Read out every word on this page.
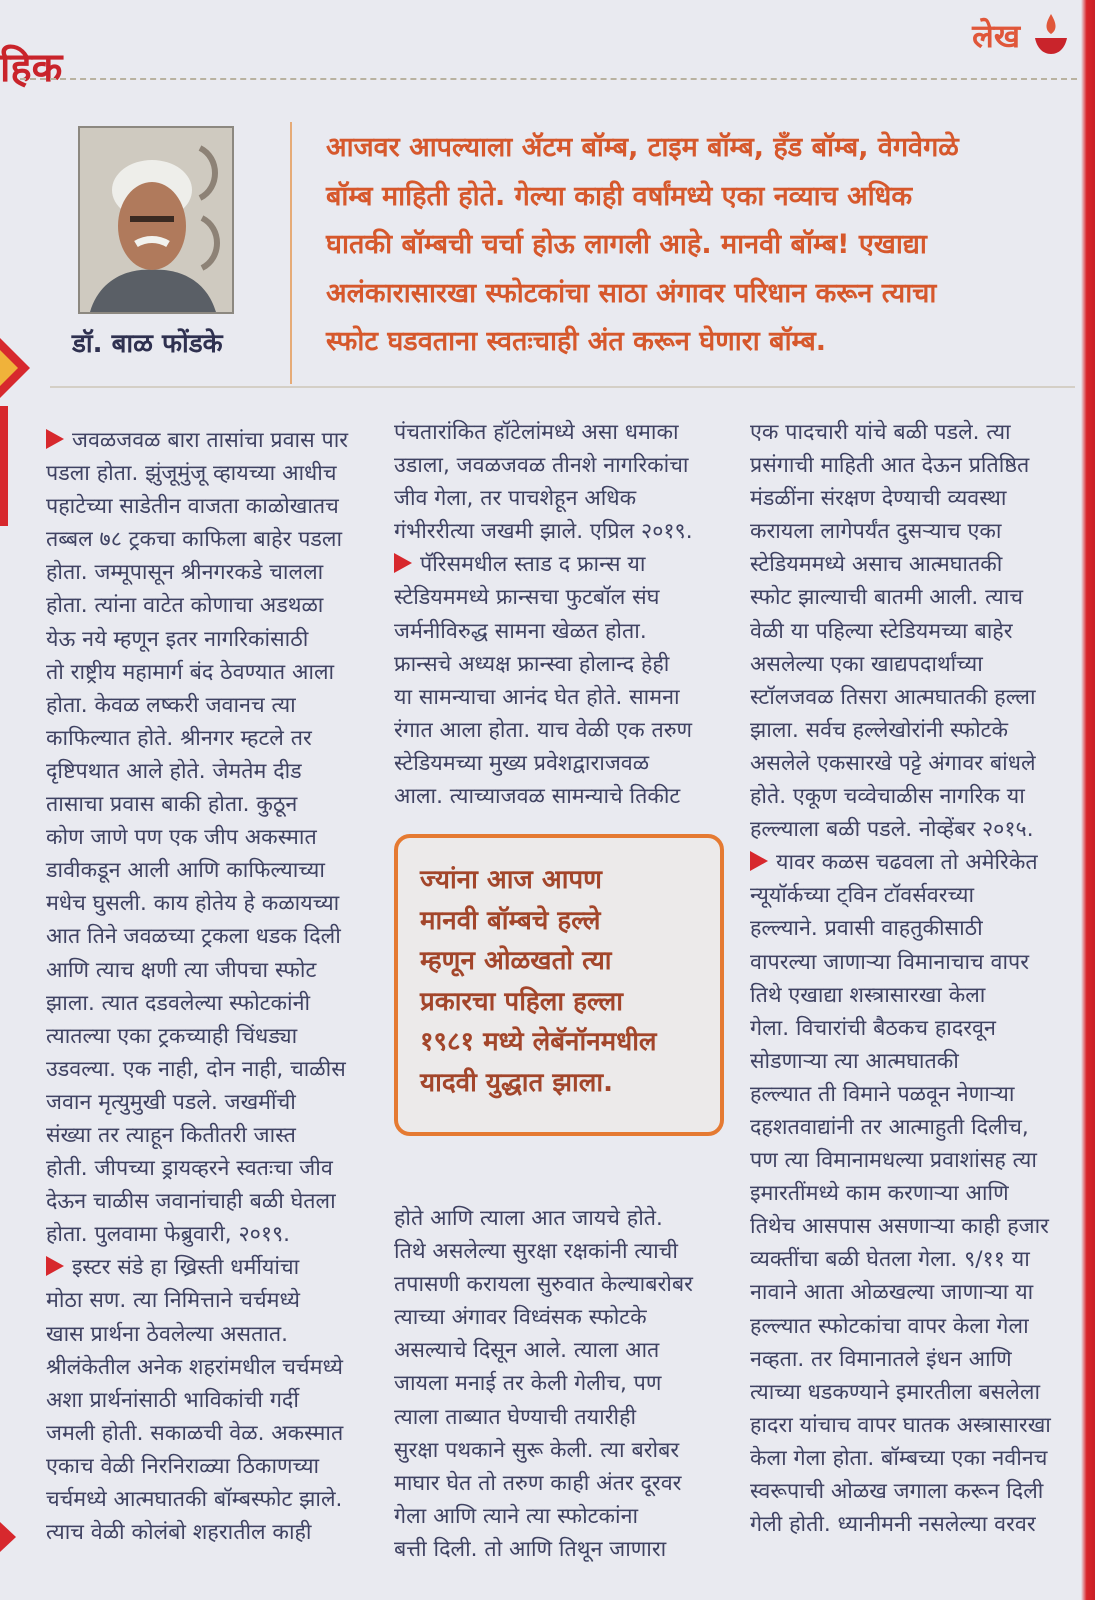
हिक
लेख
डॉ. बाळ फोंडके
आजवर आपल्याला ॲटम बॉम्ब, टाइम बॉम्ब, हँड बॉम्ब, वेगवेगळे
बॉम्ब माहिती होते. गेल्या काही वर्षांमध्ये एका नव्याच अधिक
घातकी बॉम्बची चर्चा होऊ लागली आहे. मानवी बॉम्ब! एखाद्या
अलंकारासारखा स्फोटकांचा साठा अंगावर परिधान करून त्याचा
स्फोट घडवताना स्वतःचाही अंत करून घेणारा बॉम्ब.
जवळजवळ बारा तासांचा प्रवास पार
पडला होता. झुंजूमुंजू व्हायच्या आधीच
पहाटेच्या साडेतीन वाजता काळोखातच
तब्बल ७८ ट्रकचा काफिला बाहेर पडला
होता. जम्मूपासून श्रीनगरकडे चालला
होता. त्यांना वाटेत कोणाचा अडथळा
येऊ नये म्हणून इतर नागरिकांसाठी
तो राष्ट्रीय महामार्ग बंद ठेवण्यात आला
होता. केवळ लष्करी जवानच त्या
काफिल्यात होते. श्रीनगर म्हटले तर
दृष्टिपथात आले होते. जेमतेम दीड
तासाचा प्रवास बाकी होता. कुठून
कोण जाणे पण एक जीप अकस्मात
डावीकडून आली आणि काफिल्याच्या
मधेच घुसली. काय होतेय हे कळायच्या
आत तिने जवळच्या ट्रकला धडक दिली
आणि त्याच क्षणी त्या जीपचा स्फोट
झाला. त्यात दडवलेल्या स्फोटकांनी
त्यातल्या एका ट्रकच्याही चिंधड्या
उडवल्या. एक नाही, दोन नाही, चाळीस
जवान मृत्युमुखी पडले. जखमींची
संख्या तर त्याहून कितीतरी जास्त
होती. जीपच्या ड्रायव्हरने स्वतःचा जीव
देऊन चाळीस जवानांचाही बळी घेतला
होता. पुलवामा फेब्रुवारी, २०१९.
इस्टर संडे हा ख्रिस्ती धर्मीयांचा
मोठा सण. त्या निमित्ताने चर्चमध्ये
खास प्रार्थना ठेवलेल्या असतात.
श्रीलंकेतील अनेक शहरांमधील चर्चमध्ये
अशा प्रार्थनांसाठी भाविकांची गर्दी
जमली होती. सकाळची वेळ. अकस्मात
एकाच वेळी निरनिराळ्या ठिकाणच्या
चर्चमध्ये आत्मघातकी बॉम्बस्फोट झाले.
त्याच वेळी कोलंबो शहरातील काही
पंचतारांकित हॉटेलांमध्ये असा धमाका
उडाला, जवळजवळ तीनशे नागरिकांचा
जीव गेला, तर पाचशेहून अधिक
गंभीररीत्या जखमी झाले. एप्रिल २०१९.
पॅरिसमधील स्ताड द फ्रान्स या
स्टेडियममध्ये फ्रान्सचा फुटबॉल संघ
जर्मनीविरुद्ध सामना खेळत होता.
फ्रान्सचे अध्यक्ष फ्रान्स्वा होलान्द हेही
या सामन्याचा आनंद घेत होते. सामना
रंगात आला होता. याच वेळी एक तरुण
स्टेडियमच्या मुख्य प्रवेशद्वाराजवळ
आला. त्याच्याजवळ सामन्याचे तिकीट
ज्यांना आज आपण
मानवी बॉम्बचे हल्ले
म्हणून ओळखतो त्या
प्रकारचा पहिला हल्ला
१९८१ मध्ये लेबॅनॉनमधील
यादवी युद्धात झाला.
होते आणि त्याला आत जायचे होते.
तिथे असलेल्या सुरक्षा रक्षकांनी त्याची
तपासणी करायला सुरुवात केल्याबरोबर
त्याच्या अंगावर विध्वंसक स्फोटके
असल्याचे दिसून आले. त्याला आत
जायला मनाई तर केली गेलीच, पण
त्याला ताब्यात घेण्याची तयारीही
सुरक्षा पथकाने सुरू केली. त्या बरोबर
माघार घेत तो तरुण काही अंतर दूरवर
गेला आणि त्याने त्या स्फोटकांना
बत्ती दिली. तो आणि तिथून जाणारा
एक पादचारी यांचे बळी पडले. त्या
प्रसंगाची माहिती आत देऊन प्रतिष्ठित
मंडळींना संरक्षण देण्याची व्यवस्था
करायला लागेपर्यंत दुसऱ्याच एका
स्टेडियममध्ये असाच आत्मघातकी
स्फोट झाल्याची बातमी आली. त्याच
वेळी या पहिल्या स्टेडियमच्या बाहेर
असलेल्या एका खाद्यपदार्थांच्या
स्टॉलजवळ तिसरा आत्मघातकी हल्ला
झाला. सर्वच हल्लेखोरांनी स्फोटके
असलेले एकसारखे पट्टे अंगावर बांधले
होते. एकूण चव्वेचाळीस नागरिक या
हल्ल्याला बळी पडले. नोव्हेंबर २०१५.
यावर कळस चढवला तो अमेरिकेत
न्यूयॉर्कच्या ट्विन टॉवर्सवरच्या
हल्ल्याने. प्रवासी वाहतुकीसाठी
वापरल्या जाणाऱ्या विमानाचाच वापर
तिथे एखाद्या शस्त्रासारखा केला
गेला. विचारांची बैठकच हादरवून
सोडणाऱ्या त्या आत्मघातकी
हल्ल्यात ती विमाने पळवून नेणाऱ्या
दहशतवाद्यांनी तर आत्माहुती दिलीच,
पण त्या विमानामधल्या प्रवाशांसह त्या
इमारतींमध्ये काम करणाऱ्या आणि
तिथेच आसपास असणाऱ्या काही हजार
व्यक्तींचा बळी घेतला गेला. ९/११ या
नावाने आता ओळखल्या जाणाऱ्या या
हल्ल्यात स्फोटकांचा वापर केला गेला
नव्हता. तर विमानातले इंधन आणि
त्याच्या धडकण्याने इमारतीला बसलेला
हादरा यांचाच वापर घातक अस्त्रासारखा
केला गेला होता. बॉम्बच्या एका नवीनच
स्वरूपाची ओळख जगाला करून दिली
गेली होती. ध्यानीमनी नसलेल्या वरवर
